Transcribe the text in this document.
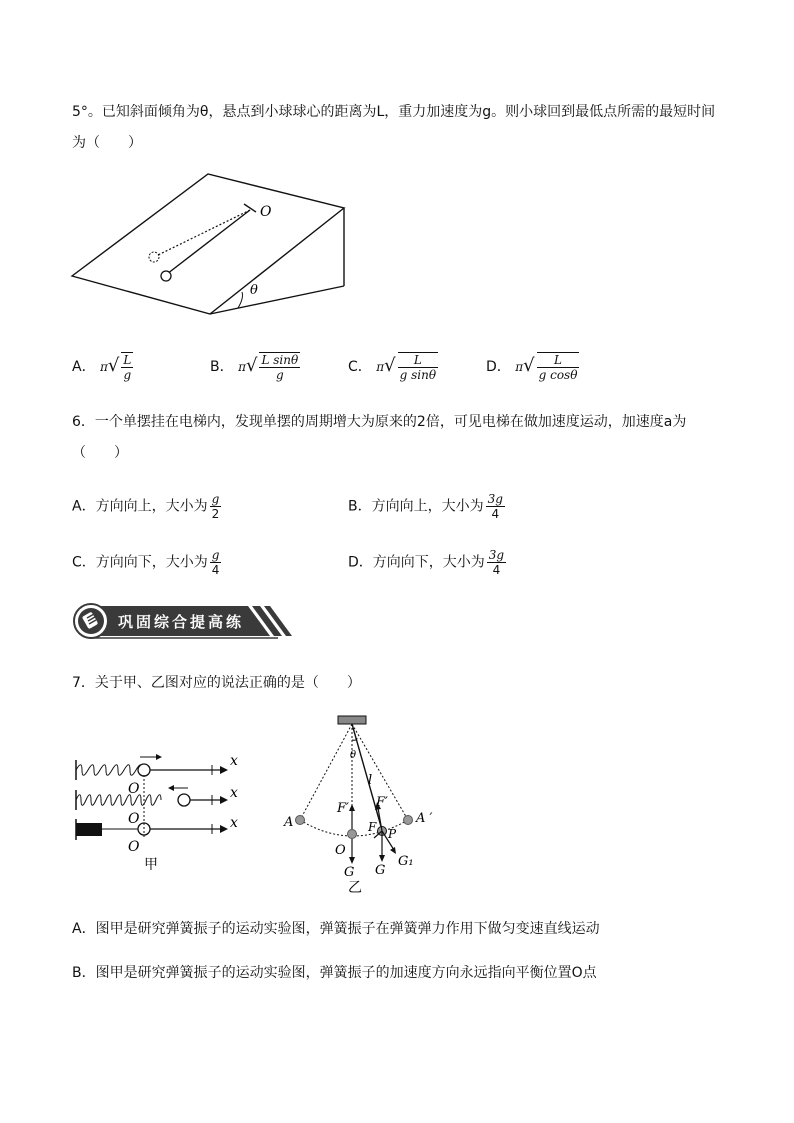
5°。已知斜面倾角为θ，悬点到小球球心的距离为L，重力加速度为g。则小球回到最低点所需的最短时间
为（　　）
O
θ
A． $\pi√ \frac{L}{g}$	B． $\pi√ \frac{\text{L sinθ}}{g}$	C． $\pi√ \frac{L}{\text{g sinθ}}$	D． $\pi√ \frac{L}{\text{g cosθ}}$
6．一个单摆挂在电梯内，发现单摆的周期增大为原来的2倍，可见电梯在做加速度运动，加速度a为
（　　）
A．方向向上，大小为 $\frac{g}{2}$	B．方向向上，大小为 $\frac{3g}{4}$
C．方向向下，大小为 $\frac{g}{4}$	D．方向向下，大小为 $\frac{3g}{4}$
巩固综合提高练
7．关于甲、乙图对应的说法正确的是（　　）
O
O
O
x
x
x
甲
θ
l
A	A ′
F′ F′
F P
O
G G
G₁
乙
A．图甲是研究弹簧振子的运动实验图，弹簧振子在弹簧弹力作用下做匀变速直线运动
B．图甲是研究弹簧振子的运动实验图，弹簧振子的加速度方向永远指向平衡位置O点
